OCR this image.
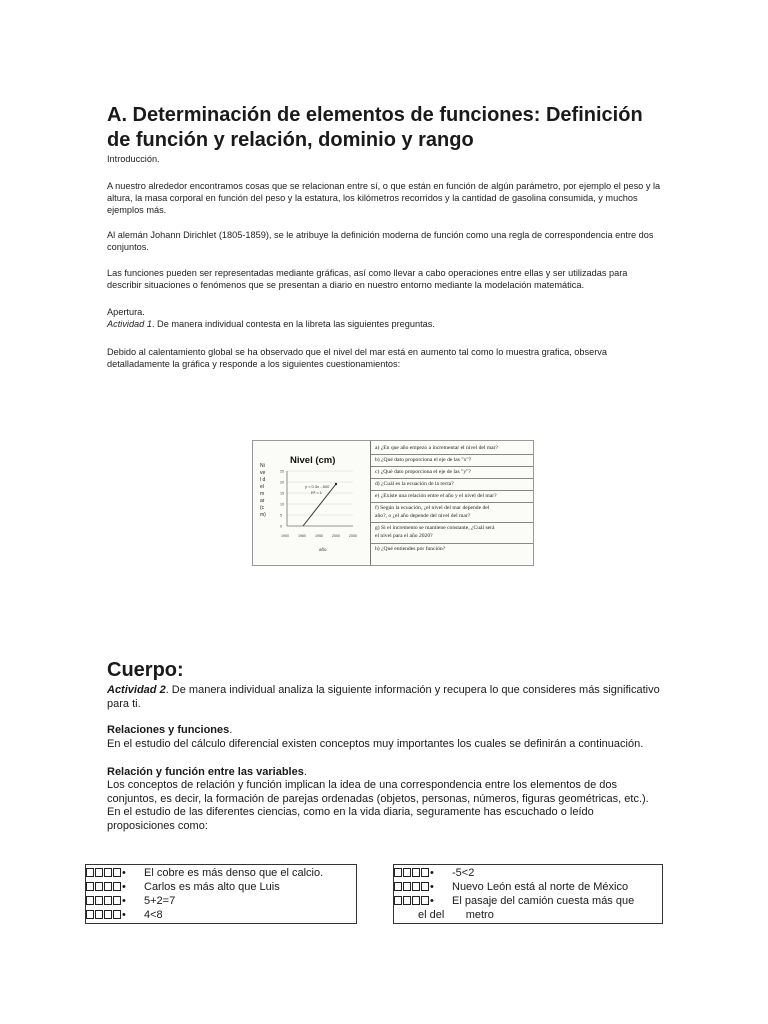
A. Determinación de elementos de funciones: Definición de función y relación, dominio y rango
Introducción.

A nuestro alrededor encontramos cosas que se relacionan entre sí, o que están en función de algún parámetro, por ejemplo el peso y la altura, la masa corporal en función del peso y la estatura, los kilómetros recorridos y la cantidad de gasolina consumida, y muchos ejemplos más.

Al alemán Johann Dirichlet (1805-1859), se le atribuye la definición moderna de función como una regla de correspondencia entre dos conjuntos.

Las funciones pueden ser representadas mediante gráficas, así como llevar a cabo operaciones entre ellas y ser utilizadas para describir situaciones o fenómenos que se presentan a diario en nuestro entorno mediante la modelación matemática.

Apertura.

Actividad 1. De manera individual contesta en la libreta las siguientes preguntas.

Debido al calentamiento global se ha observado que el nivel del mar está en aumento tal como lo muestra grafica, observa detalladamente la gráfica y responde a los siguientes cuestionamientos:

Nivel (cm)
Nivel del mar (cm)
25
20
15
10
5
0
1900	1960	1950	2000	2050
y = 0.3x - 600
R² = 1
año
a) ¿En que año empezo a incrementar el nivel del mar?
b) ¿Qué dato proporciona el eje de las "x"?
c) ¿Qué dato proporciona el eje de las "y"?
d) ¿Cuál es la ecuación de la recta?
e) ¿Existe una relación entre el año y el nivel del mar?
f) Según la ecuación, ¿el nivel del mar depende del
año?, o ¿el año depende del nivel del mar?
g) Si el incremento se mantiene constante, ¿Cuál será
el nivel para el año 2020?
h) ¿Qué entiendes por función?
Cuerpo:
Actividad 2. De manera individual analiza la siguiente información y recupera lo que consideres más significativo para ti.
Relaciones y funciones.
En el estudio del cálculo diferencial existen conceptos muy importantes los cuales se definirán a continuación.
Relación y función entre las variables.
Los conceptos de relación y función implican la idea de una correspondencia entre los elementos de dos conjuntos, es decir, la formación de parejas ordenadas (objetos, personas, números, figuras geométricas, etc.). En el estudio de las diferentes ciencias, como en la vida diaria, seguramente has escuchado o leído proposiciones como:
• El cobre es más denso que el calcio.
• Carlos es más alto que Luis
• 5+2=7
• 4<8
• -5<2
• Nuevo León está al norte de México
• El pasaje del camión cuesta más que
el del       metro
